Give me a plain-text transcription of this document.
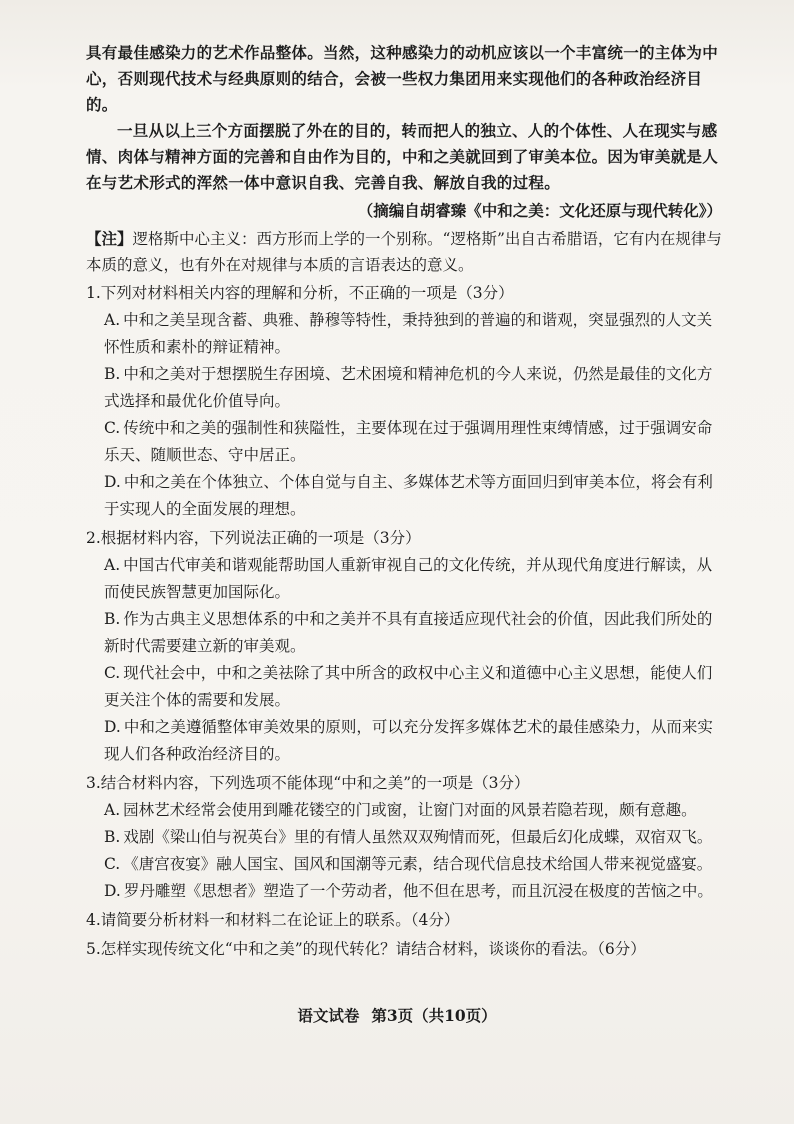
具有最佳感染力的艺术作品整体。当然，这种感染力的动机应该以一个丰富统一的主体为中心，否则现代技术与经典原则的结合，会被一些权力集团用来实现他们的各种政治经济目的。

一旦从以上三个方面摆脱了外在的目的，转而把人的独立、人的个体性、人在现实与感情、肉体与精神方面的完善和自由作为目的，中和之美就回到了审美本位。因为审美就是人在与艺术形式的浑然一体中意识自我、完善自我、解放自我的过程。

（摘编自胡睿臻《中和之美：文化还原与现代转化》）

【注】逻格斯中心主义：西方形而上学的一个别称。“逻格斯”出自古希腊语，它有内在规律与本质的意义，也有外在对规律与本质的言语表达的意义。

1.下列对材料相关内容的理解和分析，不正确的一项是（3分）

A. 中和之美呈现含蓄、典雅、静穆等特性，秉持独到的普遍的和谐观，突显强烈的人文关怀性质和素朴的辩证精神。

B. 中和之美对于想摆脱生存困境、艺术困境和精神危机的今人来说，仍然是最佳的文化方式选择和最优化价值导向。

C. 传统中和之美的强制性和狭隘性，主要体现在过于强调用理性束缚情感，过于强调安命乐天、随顺世态、守中居正。

D. 中和之美在个体独立、个体自觉与自主、多媒体艺术等方面回归到审美本位，将会有利于实现人的全面发展的理想。

2.根据材料内容，下列说法正确的一项是（3分）

A. 中国古代审美和谐观能帮助国人重新审视自己的文化传统，并从现代角度进行解读，从而使民族智慧更加国际化。

B. 作为古典主义思想体系的中和之美并不具有直接适应现代社会的价值，因此我们所处的新时代需要建立新的审美观。

C. 现代社会中，中和之美祛除了其中所含的政权中心主义和道德中心主义思想，能使人们更关注个体的需要和发展。

D. 中和之美遵循整体审美效果的原则，可以充分发挥多媒体艺术的最佳感染力，从而来实现人们各种政治经济目的。

3.结合材料内容，下列选项不能体现“中和之美”的一项是（3分）

A. 园林艺术经常会使用到雕花镂空的门或窗，让窗门对面的风景若隐若现，颇有意趣。

B. 戏剧《梁山伯与祝英台》里的有情人虽然双双殉情而死，但最后幻化成蝶，双宿双飞。

C. 《唐宫夜宴》融人国宝、国风和国潮等元素，结合现代信息技术给国人带来视觉盛宴。

D. 罗丹雕塑《思想者》塑造了一个劳动者，他不但在思考，而且沉浸在极度的苦恼之中。

4.请简要分析材料一和材料二在论证上的联系。（4分）

5.怎样实现传统文化“中和之美”的现代转化？请结合材料，谈谈你的看法。（6分）

语文试卷 第3页（共10页）
